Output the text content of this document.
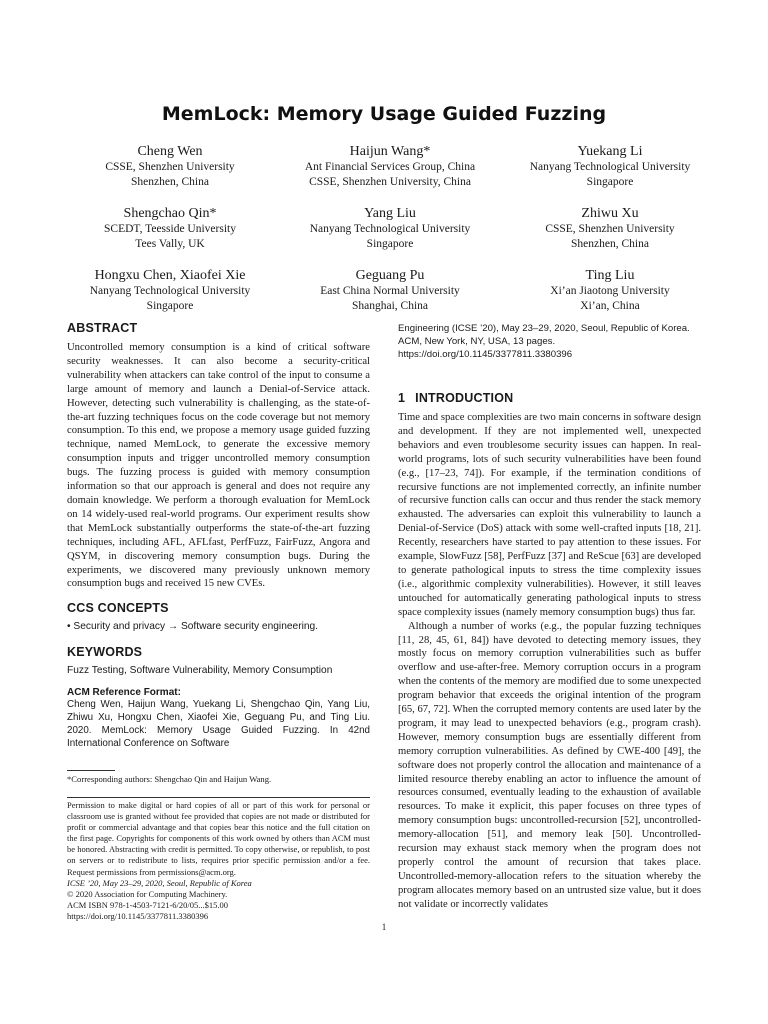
MemLock: Memory Usage Guided Fuzzing
Cheng Wen
CSSE, Shenzhen University
Shenzhen, China
Haijun Wang*
Ant Financial Services Group, China
CSSE, Shenzhen University, China
Yuekang Li
Nanyang Technological University
Singapore
Shengchao Qin*
SCEDT, Teesside University
Tees Vally, UK
Yang Liu
Nanyang Technological University
Singapore
Zhiwu Xu
CSSE, Shenzhen University
Shenzhen, China
Hongxu Chen, Xiaofei Xie
Nanyang Technological University
Singapore
Geguang Pu
East China Normal University
Shanghai, China
Ting Liu
Xi’an Jiaotong University
Xi’an, China
ABSTRACT

Uncontrolled memory consumption is a kind of critical software security weaknesses. It can also become a security-critical vulnerability when attackers can take control of the input to consume a large amount of memory and launch a Denial-of-Service attack. However, detecting such vulnerability is challenging, as the state-of-the-art fuzzing techniques focus on the code coverage but not memory consumption. To this end, we propose a memory usage guided fuzzing technique, named MemLock, to generate the excessive memory consumption inputs and trigger uncontrolled memory consumption bugs. The fuzzing process is guided with memory consumption information so that our approach is general and does not require any domain knowledge. We perform a thorough evaluation for MemLock on 14 widely-used real-world programs. Our experiment results show that MemLock substantially outperforms the state-of-the-art fuzzing techniques, including AFL, AFLfast, PerfFuzz, FairFuzz, Angora and QSYM, in discovering memory consumption bugs. During the experiments, we discovered many previously unknown memory consumption bugs and received 15 new CVEs.

CCS CONCEPTS
• Security and privacy → Software security engineering.
KEYWORDS
Fuzz Testing, Software Vulnerability, Memory Consumption
ACM Reference Format:
Cheng Wen, Haijun Wang, Yuekang Li, Shengchao Qin, Yang Liu, Zhiwu Xu, Hongxu Chen, Xiaofei Xie, Geguang Pu, and Ting Liu. 2020. MemLock: Memory Usage Guided Fuzzing. In 42nd International Conference on Software
*Corresponding authors: Shengchao Qin and Haijun Wang.
Permission to make digital or hard copies of all or part of this work for personal or classroom use is granted without fee provided that copies are not made or distributed for profit or commercial advantage and that copies bear this notice and the full citation on the first page. Copyrights for components of this work owned by others than ACM must be honored. Abstracting with credit is permitted. To copy otherwise, or republish, to post on servers or to redistribute to lists, requires prior specific permission and/or a fee. Request permissions from permissions@acm.org.
ICSE ’20, May 23–29, 2020, Seoul, Republic of Korea
© 2020 Association for Computing Machinery.
ACM ISBN 978-1-4503-7121-6/20/05...$15.00
https://doi.org/10.1145/3377811.3380396
Engineering (ICSE ’20), May 23–29, 2020, Seoul, Republic of Korea. ACM, New York, NY, USA, 13 pages. https://doi.org/10.1145/3377811.3380396
1 INTRODUCTION

Time and space complexities are two main concerns in software design and development. If they are not implemented well, unexpected behaviors and even troublesome security issues can happen. In real-world programs, lots of such security vulnerabilities have been found (e.g., [17–23, 74]). For example, if the termination conditions of recursive functions are not implemented correctly, an infinite number of recursive function calls can occur and thus render the stack memory exhausted. The adversaries can exploit this vulnerability to launch a Denial-of-Service (DoS) attack with some well-crafted inputs [18, 21]. Recently, researchers have started to pay attention to these issues. For example, SlowFuzz [58], PerfFuzz [37] and ReScue [63] are developed to generate pathological inputs to stress the time complexity issues (i.e., algorithmic complexity vulnerabilities). However, it still leaves untouched for automatically generating pathological inputs to stress space complexity issues (namely memory consumption bugs) thus far.

Although a number of works (e.g., the popular fuzzing techniques [11, 28, 45, 61, 84]) have devoted to detecting memory issues, they mostly focus on memory corruption vulnerabilities such as buffer overflow and use-after-free. Memory corruption occurs in a program when the contents of the memory are modified due to some unexpected program behavior that exceeds the original intention of the program [65, 67, 72]. When the corrupted memory contents are used later by the program, it may lead to unexpected behaviors (e.g., program crash). However, memory consumption bugs are essentially different from memory corruption vulnerabilities. As defined by CWE-400 [49], the software does not properly control the allocation and maintenance of a limited resource thereby enabling an actor to influence the amount of resources consumed, eventually leading to the exhaustion of available resources. To make it explicit, this paper focuses on three types of memory consumption bugs: uncontrolled-recursion [52], uncontrolled-memory-allocation [51], and memory leak [50]. Uncontrolled-recursion may exhaust stack memory when the program does not properly control the amount of recursion that takes place. Uncontrolled-memory-allocation refers to the situation whereby the program allocates memory based on an untrusted size value, but it does not validate or incorrectly validates

1
